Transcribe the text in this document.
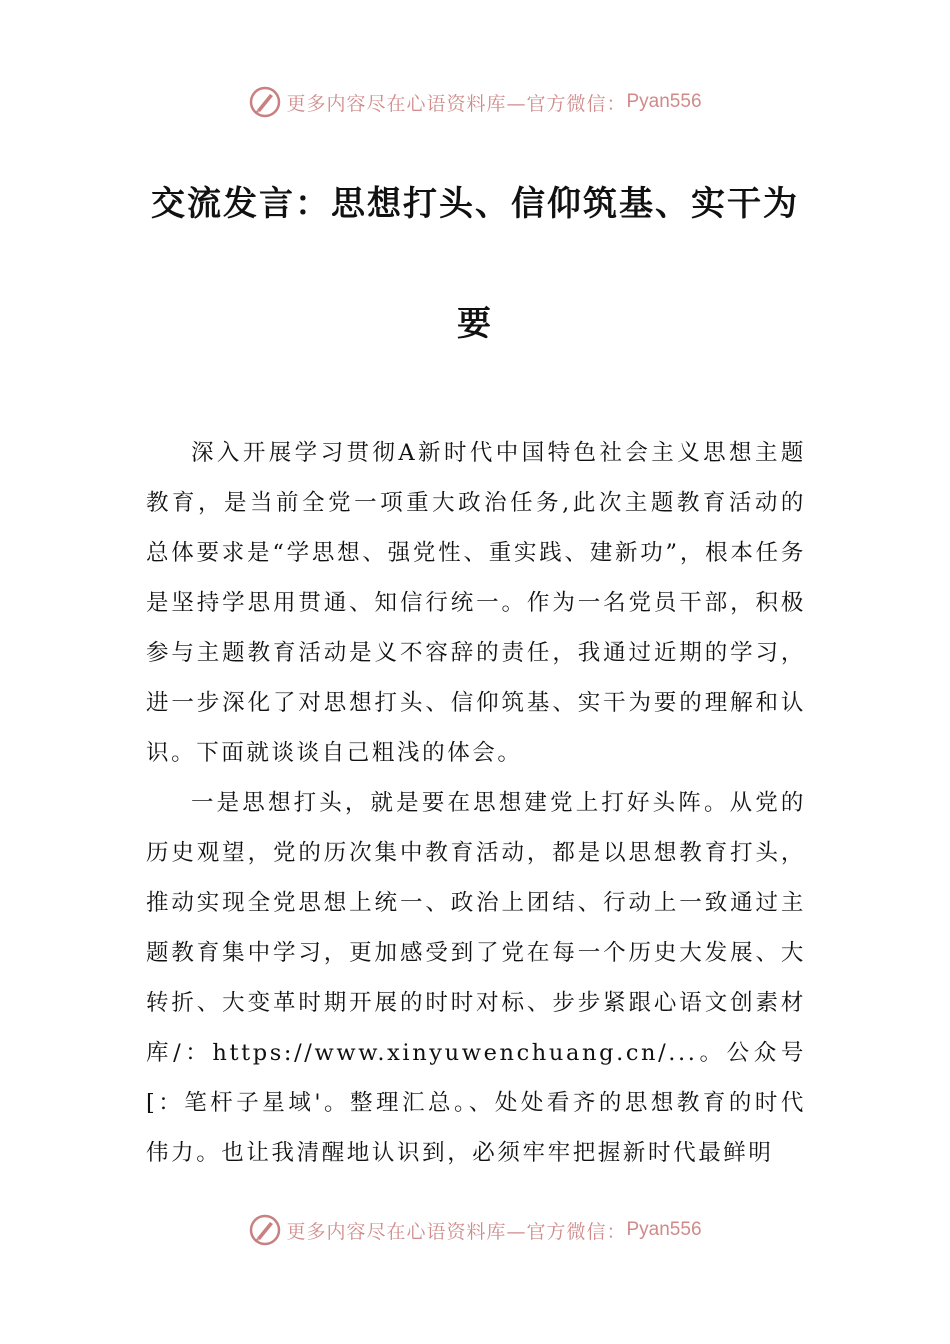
更多内容尽在心语资料库—官方微信： Pyan556
交流发言：思想打头、信仰筑基、实干为
要

深入开展学习贯彻A新时代中国特色社会主义思想主题教育，是当前全党一项重大政治任务,此次主题教育活动的总体要求是“学思想、强党性、重实践、建新功”，根本任务是坚持学思用贯通、知信行统一。作为一名党员干部，积极参与主题教育活动是义不容辞的责任，我通过近期的学习，进一步深化了对思想打头、信仰筑基、实干为要的理解和认识。下面就谈谈自己粗浅的体会。

一是思想打头，就是要在思想建党上打好头阵。从党的历史观望，党的历次集中教育活动，都是以思想教育打头，推动实现全党思想上统一、政治上团结、行动上一致通过主题教育集中学习，更加感受到了党在每一个历史大发展、大转折、大变革时期开展的时时对标、步步紧跟心语文创素材库/：https://www.xinyuwenchuang.cn/...。公众号[：笔杆子星域'。整理汇总。、处处看齐的思想教育的时代伟力。也让我清醒地认识到，必须牢牢把握新时代最鲜明

更多内容尽在心语资料库—官方微信： Pyan556
